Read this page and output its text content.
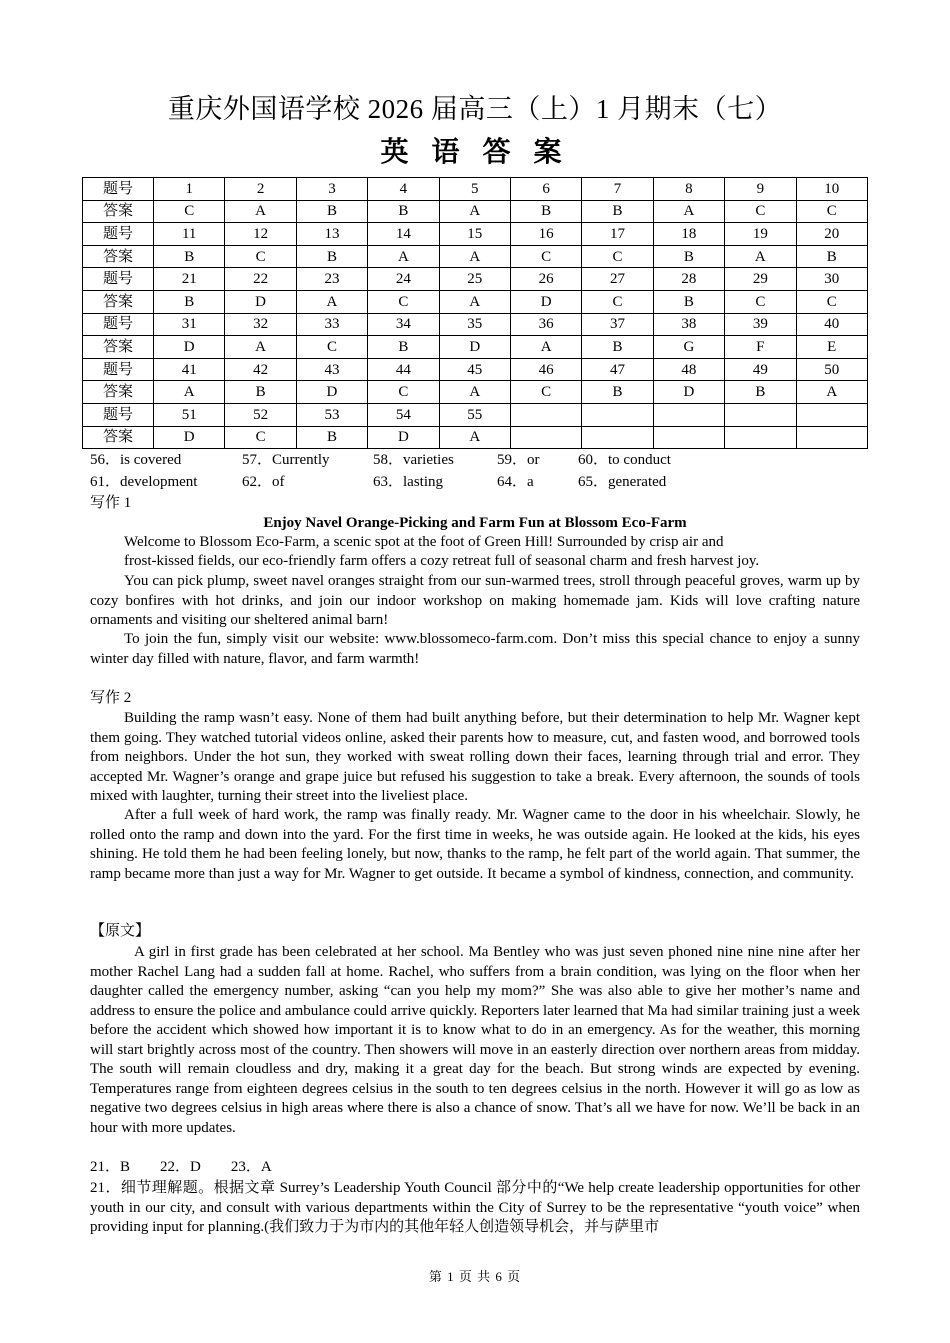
重庆外国语学校 2026 届高三（上）1 月期末（七）
英 语 答 案
题号	1	2	3	4	5	6	7	8	9	10
答案	C	A	B	B	A	B	B	A	C	C
题号	11	12	13	14	15	16	17	18	19	20
答案	B	C	B	A	A	C	C	B	A	B
题号	21	22	23	24	25	26	27	28	29	30
答案	B	D	A	C	A	D	C	B	C	C
题号	31	32	33	34	35	36	37	38	39	40
答案	D	A	C	B	D	A	B	G	F	E
题号	41	42	43	44	45	46	47	48	49	50
答案	A	B	D	C	A	C	B	D	B	A
题号	51	52	53	54	55					
答案	D	C	B	D	A					
56．is covered	57．Currently	58．varieties	59．or	60．to conduct
61．development	62．of	63．lasting	64．a	65．generated
写作 1
Enjoy Navel Orange-Picking and Farm Fun at Blossom Eco-Farm
Welcome to Blossom Eco-Farm, a scenic spot at the foot of Green Hill! Surrounded by crisp air and
frost-kissed fields, our eco-friendly farm offers a cozy retreat full of seasonal charm and fresh harvest joy.
You can pick plump, sweet navel oranges straight from our sun-warmed trees, stroll through peaceful groves, warm up by cozy bonfires with hot drinks, and join our indoor workshop on making homemade jam. Kids will love crafting nature ornaments and visiting our sheltered animal barn!
To join the fun, simply visit our website: www.blossomeco-farm.com. Don’t miss this special chance to enjoy a sunny winter day filled with nature, flavor, and farm warmth!
写作 2
Building the ramp wasn’t easy. None of them had built anything before, but their determination to help Mr. Wagner kept them going. They watched tutorial videos online, asked their parents how to measure, cut, and fasten wood, and borrowed tools from neighbors. Under the hot sun, they worked with sweat rolling down their faces, learning through trial and error. They accepted Mr. Wagner’s orange and grape juice but refused his suggestion to take a break. Every afternoon, the sounds of tools mixed with laughter, turning their street into the liveliest place.
After a full week of hard work, the ramp was finally ready. Mr. Wagner came to the door in his wheelchair. Slowly, he rolled onto the ramp and down into the yard. For the first time in weeks, he was outside again. He looked at the kids, his eyes shining. He told them he had been feeling lonely, but now, thanks to the ramp, he felt part of the world again. That summer, the ramp became more than just a way for Mr. Wagner to get outside. It became a symbol of kindness, connection, and community.
【原文】
A girl in first grade has been celebrated at her school. Ma Bentley who was just seven phoned nine nine nine after her mother Rachel Lang had a sudden fall at home. Rachel, who suffers from a brain condition, was lying on the floor when her daughter called the emergency number, asking “can you help my mom?” She was also able to give her mother’s name and address to ensure the police and ambulance could arrive quickly. Reporters later learned that Ma had similar training just a week before the accident which showed how important it is to know what to do in an emergency. As for the weather, this morning will start brightly across most of the country. Then showers will move in an easterly direction over northern areas from midday. The south will remain cloudless and dry, making it a great day for the beach. But strong winds are expected by evening. Temperatures range from eighteen degrees celsius in the south to ten degrees celsius in the north. However it will go as low as negative two degrees celsius in high areas where there is also a chance of snow. That’s all we have for now. We’ll be back in an hour with more updates.
21．B　　22．D　　23．A
21．细节理解题。根据文章 Surrey’s Leadership Youth Council 部分中的“We help create leadership opportunities for other youth in our city, and consult with various departments within the City of Surrey to be the representative “youth voice” when providing input for planning.(我们致力于为市内的其他年轻人创造领导机会，并与萨里市
第 1 页 共 6 页
